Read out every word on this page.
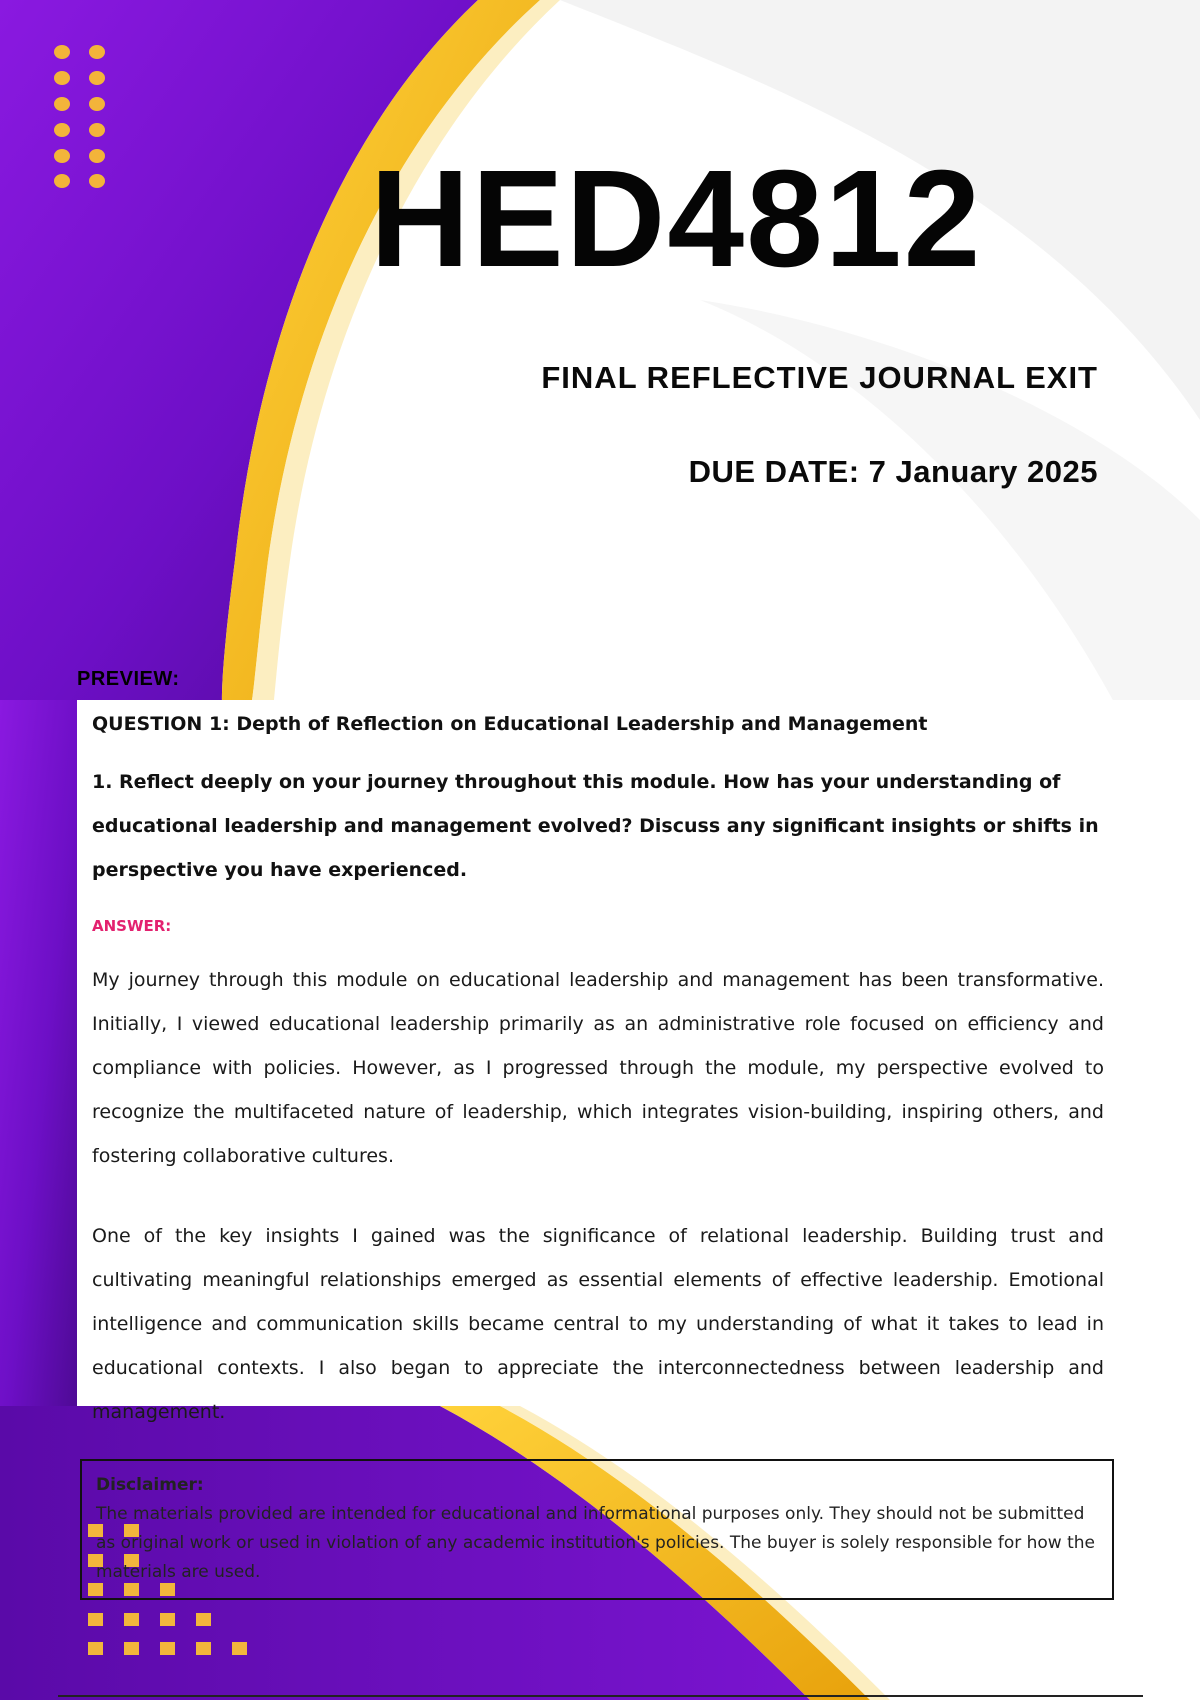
HED4812
FINAL REFLECTIVE JOURNAL EXIT
DUE DATE: 7 January 2025
PREVIEW:

QUESTION 1: Depth of Reflection on Educational Leadership and Management

1. Reflect deeply on your journey throughout this module. How has your understanding of educational leadership and management evolved? Discuss any significant insights or shifts in perspective you have experienced.

ANSWER:

My journey through this module on educational leadership and management has been transformative. Initially, I viewed educational leadership primarily as an administrative role focused on efficiency and compliance with policies. However, as I progressed through the module, my perspective evolved to recognize the multifaceted nature of leadership, which integrates vision-building, inspiring others, and fostering collaborative cultures.

One of the key insights I gained was the significance of relational leadership. Building trust and cultivating meaningful relationships emerged as essential elements of effective leadership. Emotional intelligence and communication skills became central to my understanding of what it takes to lead in educational contexts. I also began to appreciate the interconnectedness between leadership and management.

Disclaimer:
The materials provided are intended for educational and informational purposes only. They should not be submitted as original work or used in violation of any academic institution's policies. The buyer is solely responsible for how the materials are used.
